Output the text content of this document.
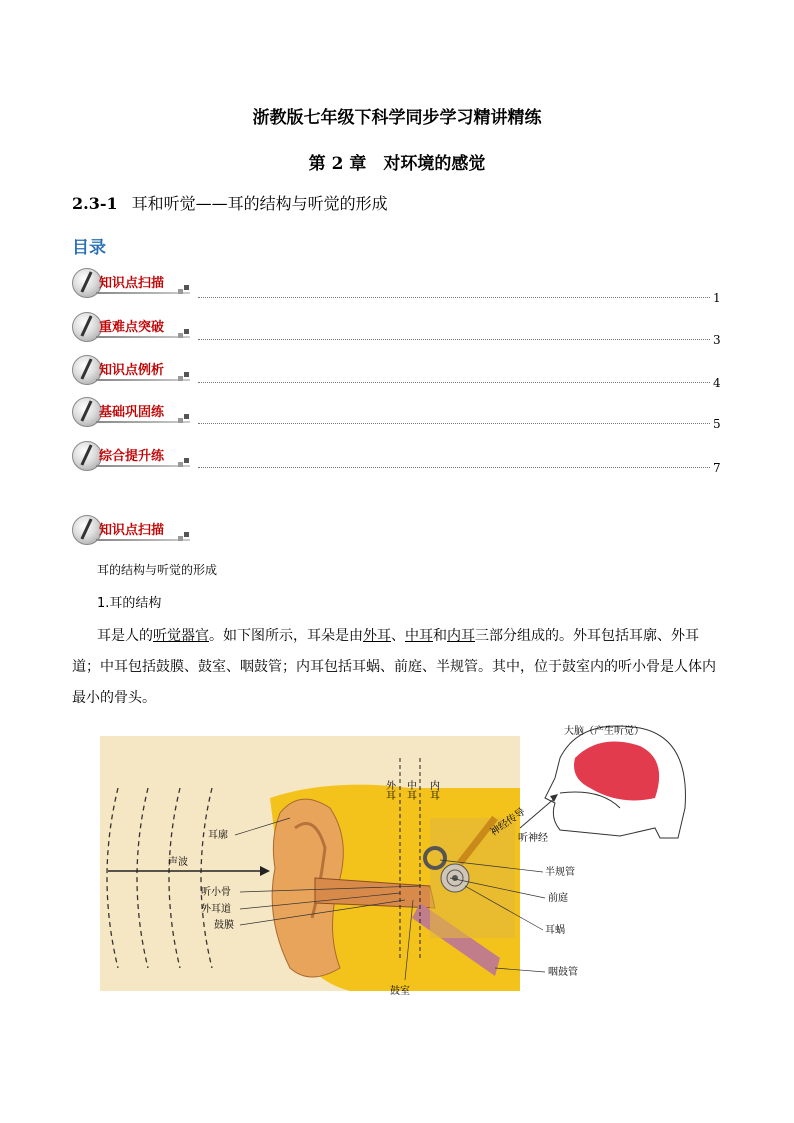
浙教版七年级下科学同步学习精讲精练
第 2 章　对环境的感觉
2.3-1 耳和听觉——耳的结构与听觉的形成
目录
知识点扫描
1
重难点突破
3
知识点例析
4
基础巩固练
5
综合提升练
7
知识点扫描
耳的结构与听觉的形成
1.耳的结构
耳是人的听觉器官。如下图所示，耳朵是由外耳、中耳和内耳三部分组成的。外耳包括耳廓、外耳道；中耳包括鼓膜、鼓室、咽鼓管；内耳包括耳蜗、前庭、半规管。其中，位于鼓室内的听小骨是人体内最小的骨头。
大脑（产生听觉）
外耳 中耳 内耳
耳廓
声波
听小骨
外耳道
鼓膜
神经传导
听神经
半规管
前庭
耳蜗
咽鼓管
鼓室
